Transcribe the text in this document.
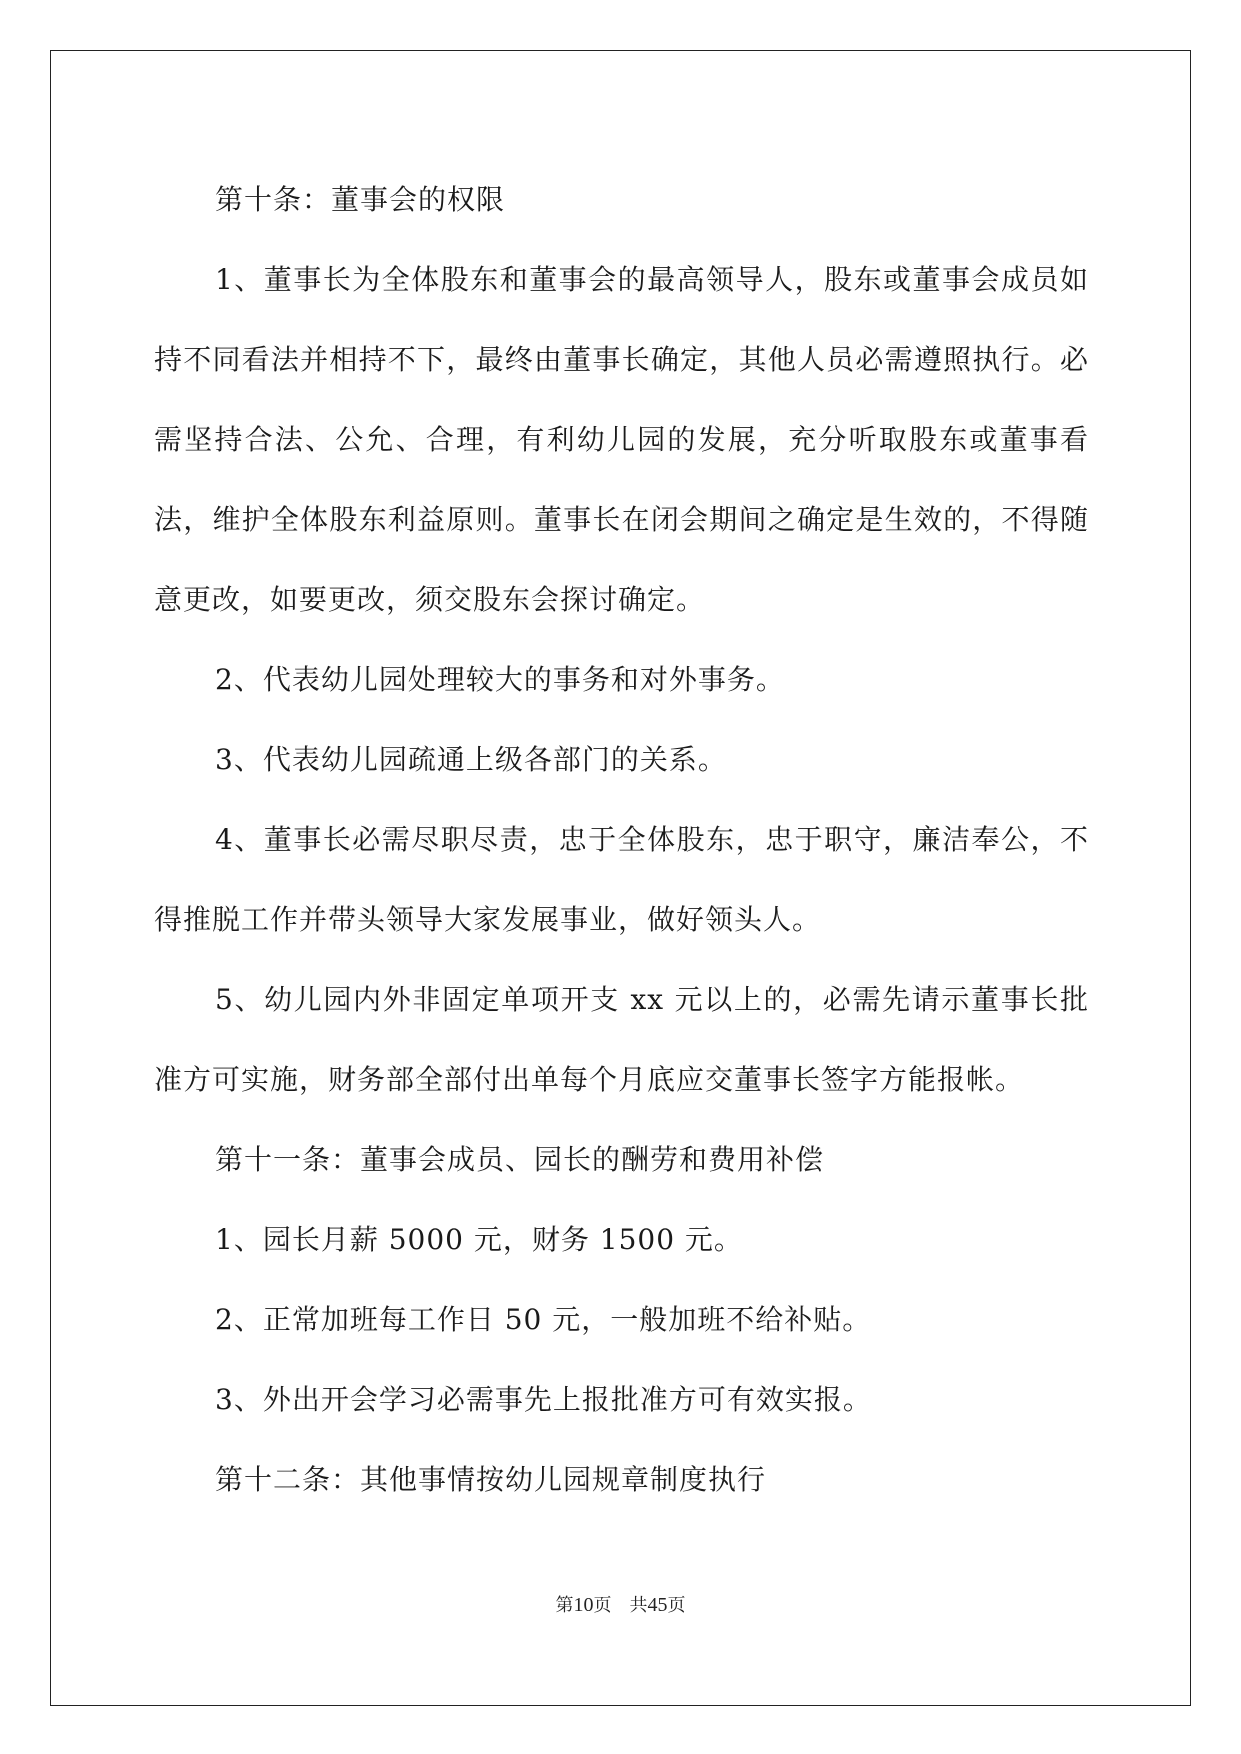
第十条：董事会的权限

1、董事长为全体股东和董事会的最高领导人，股东或董事会成员如持不同看法并相持不下，最终由董事长确定，其他人员必需遵照执行。必需坚持合法、公允、合理，有利幼儿园的发展，充分听取股东或董事看法，维护全体股东利益原则。董事长在闭会期间之确定是生效的，不得随意更改，如要更改，须交股东会探讨确定。

2、代表幼儿园处理较大的事务和对外事务。

3、代表幼儿园疏通上级各部门的关系。

4、董事长必需尽职尽责，忠于全体股东，忠于职守，廉洁奉公，不得推脱工作并带头领导大家发展事业，做好领头人。

5、幼儿园内外非固定单项开支 xx 元以上的，必需先请示董事长批准方可实施，财务部全部付出单每个月底应交董事长签字方能报帐。

第十一条：董事会成员、园长的酬劳和费用补偿

1、园长月薪 5000 元，财务 1500 元。

2、正常加班每工作日 50 元，一般加班不给补贴。

3、外出开会学习必需事先上报批准方可有效实报。

第十二条：其他事情按幼儿园规章制度执行

第10页 共45页
